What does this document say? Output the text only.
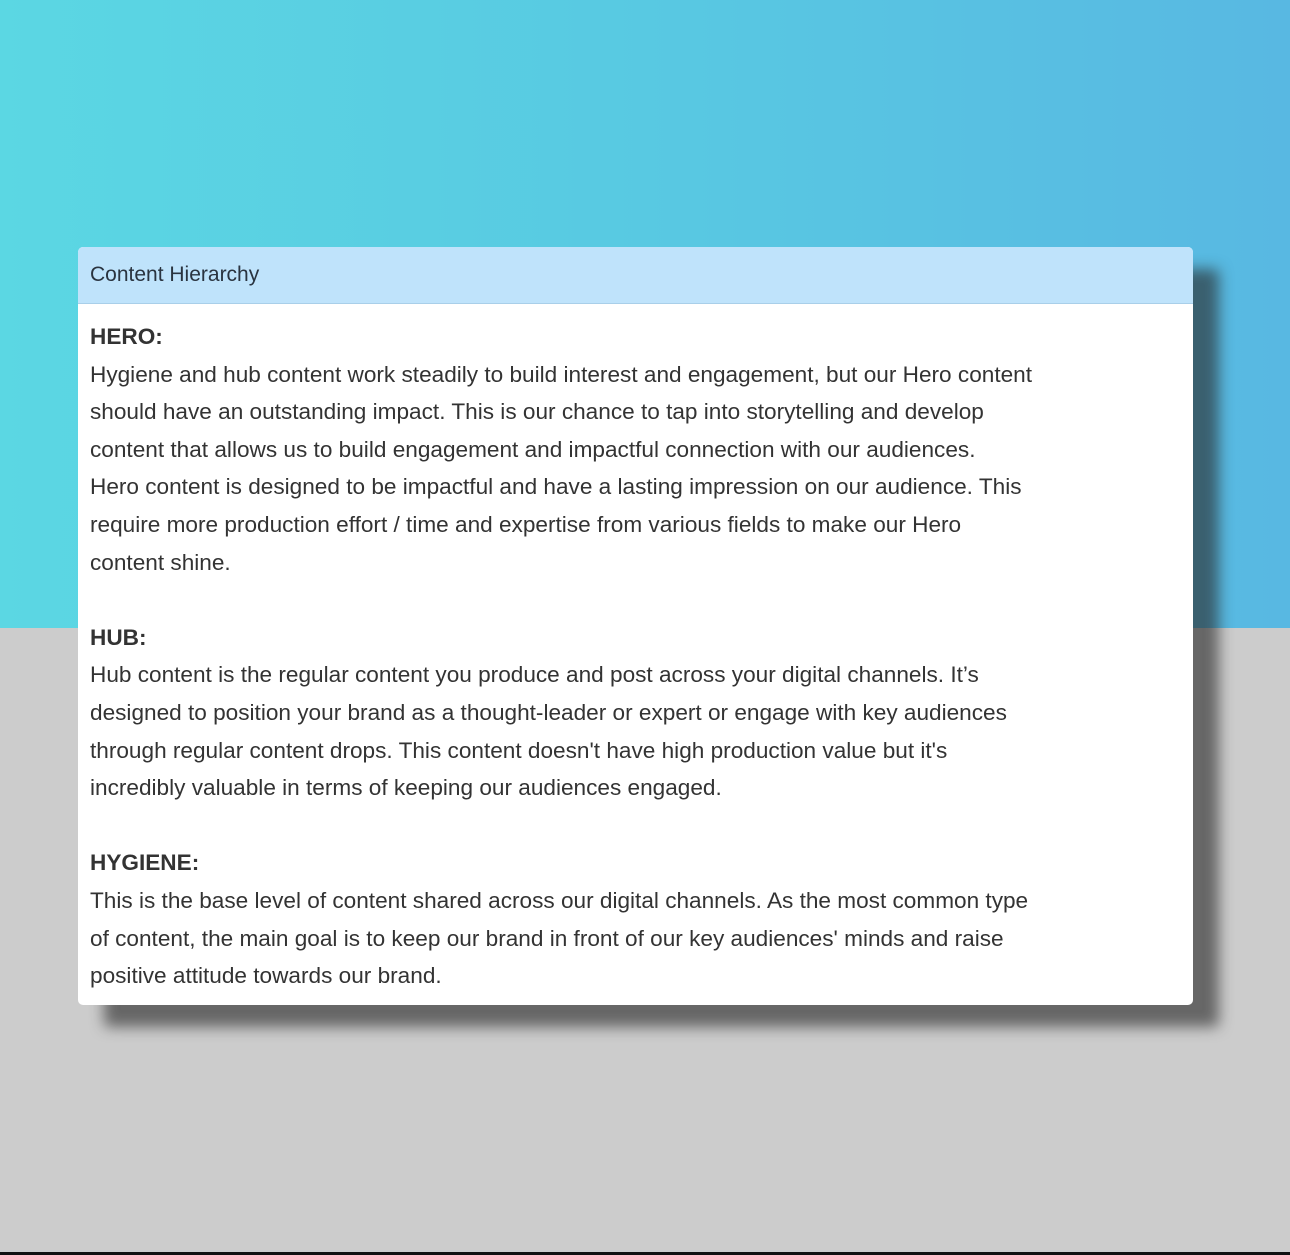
Content Hierarchy
HERO:
Hygiene and hub content work steadily to build interest and engagement, but our Hero content
should have an outstanding impact. This is our chance to tap into storytelling and develop
content that allows us to build engagement and impactful connection with our audiences.
Hero content is designed to be impactful and have a lasting impression on our audience. This
require more production effort / time and expertise from various fields to make our Hero
content shine.
HUB:
Hub content is the regular content you produce and post across your digital channels. It’s
designed to position your brand as a thought-leader or expert or engage with key audiences
through regular content drops. This content doesn't have high production value but it's
incredibly valuable in terms of keeping our audiences engaged.
HYGIENE:
This is the base level of content shared across our digital channels. As the most common type
of content, the main goal is to keep our brand in front of our key audiences' minds and raise
positive attitude towards our brand.
